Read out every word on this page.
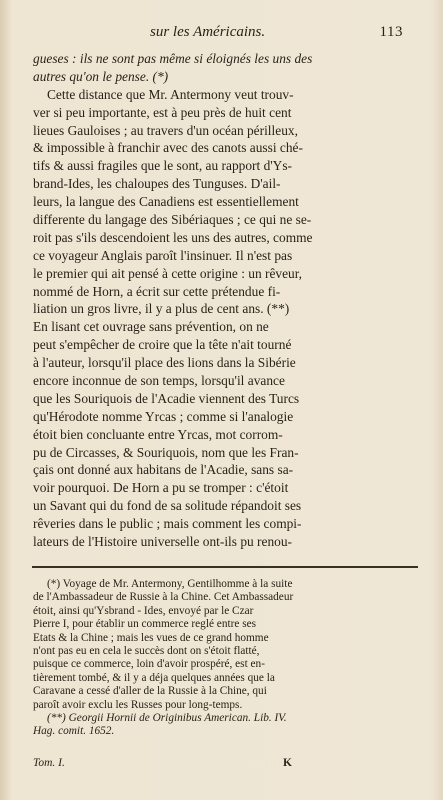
sur les Américains.	113
gueses : ils ne sont pas même si éloignés les uns des
autres qu'on le pense. (*)
Cette distance que Mr. Antermony veut trouv-
ver si peu importante, est à peu près de huit cent
lieues Gauloises ; au travers d'un océan périlleux,
& impossible à franchir avec des canots aussi ché-
tifs & aussi fragiles que le sont, au rapport d'Ys-
brand-Ides, les chaloupes des Tunguses. D'ail-
leurs, la langue des Canadiens est essentiellement
differente du langage des Sibériaques ; ce qui ne se-
roit pas s'ils descendoient les uns des autres, comme
ce voyageur Anglais paroît l'insinuer. Il n'est pas
le premier qui ait pensé à cette origine : un rêveur,
nommé de Horn, a écrit sur cette prétendue fi-
liation un gros livre, il y a plus de cent ans. (**)
En lisant cet ouvrage sans prévention, on ne
peut s'empêcher de croire que la tête n'ait tourné
à l'auteur, lorsqu'il place des lions dans la Sibérie
encore inconnue de son temps, lorsqu'il avance
que les Souriquois de l'Acadie viennent des Turcs
qu'Hérodote nomme Yrcas ; comme si l'analogie
étoit bien concluante entre Yrcas, mot corrom-
pu de Circasses, & Souriquois, nom que les Fran-
çais ont donné aux habitans de l'Acadie, sans sa-
voir pourquoi. De Horn a pu se tromper : c'étoit
un Savant qui du fond de sa solitude répandoit ses
rêveries dans le public ; mais comment les compi-
lateurs de l'Histoire universelle ont-ils pu renou-
(*) Voyage de Mr. Antermony, Gentilhomme à la suite
de l'Ambassadeur de Russie à la Chine. Cet Ambassadeur
étoit, ainsi qu'Ysbrand - Ides, envoyé par le Czar
Pierre I, pour établir un commerce reglé entre ses
Etats & la Chine ; mais les vues de ce grand homme
n'ont pas eu en cela le succès dont on s'étoit flatté,
puisque ce commerce, loin d'avoir prospéré, est en-
tièrement tombé, & il y a déja quelques années que la
Caravane a cessé d'aller de la Russie à la Chine, qui
paroît avoir exclu les Russes pour long-temps.
(**) Georgii Hornii de Originibus American. Lib. IV.
Hag. comit. 1652.
Tom. I.	K
